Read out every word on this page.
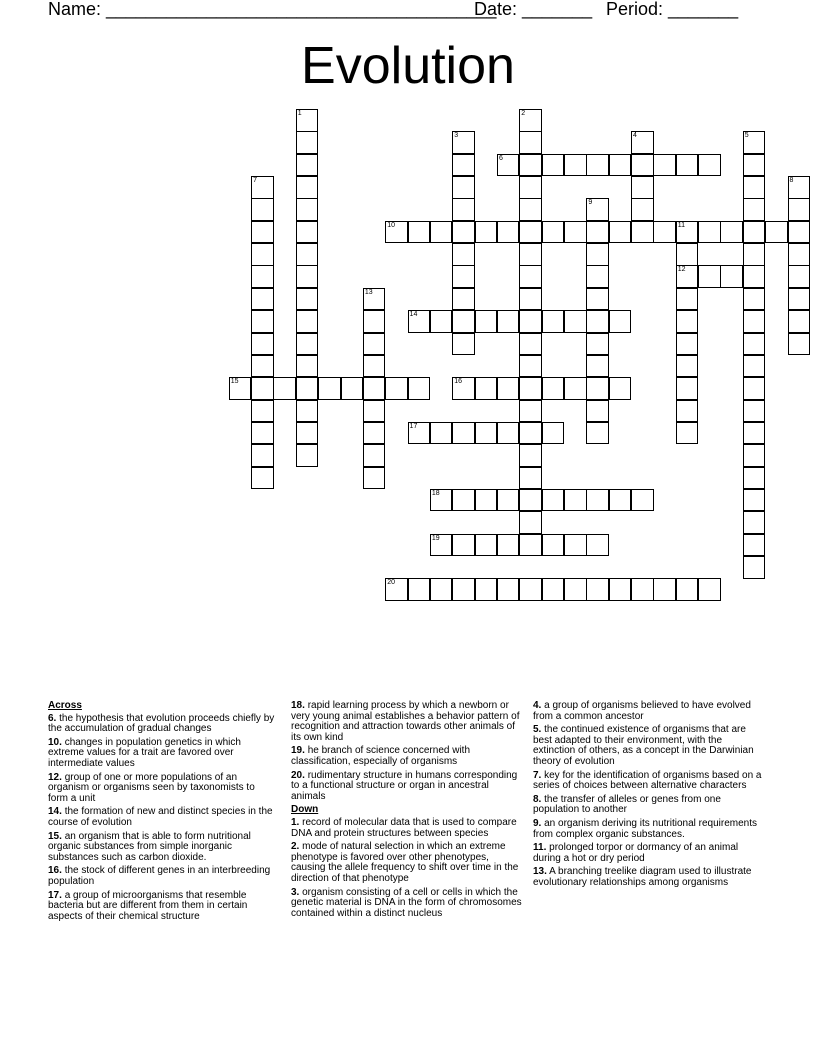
Name: _______________________________________
Date: _______ Period: _______
Evolution
1	2
3	4	5
6
7	8
9
10	11
12
13
14
15	16
17
18
19
20
Across
6. the hypothesis that evolution proceeds chiefly by the accumulation of gradual changes
10. changes in population genetics in which extreme values for a trait are favored over intermediate values
12. group of one or more populations of an organism or organisms seen by taxonomists to form a unit
14. the formation of new and distinct species in the course of evolution
15. an organism that is able to form nutritional organic substances from simple inorganic substances such as carbon dioxide.
16. the stock of different genes in an interbreeding population
17. a group of microorganisms that resemble bacteria but are different from them in certain aspects of their chemical structure
18. rapid learning process by which a newborn or very young animal establishes a behavior pattern of recognition and attraction towards other animals of its own kind
19. he branch of science concerned with classification, especially of organisms
20. rudimentary structure in humans corresponding to a functional structure or organ in ancestral animals
Down
1. record of molecular data that is used to compare DNA and protein structures between species
2. mode of natural selection in which an extreme phenotype is favored over other phenotypes, causing the allele frequency to shift over time in the direction of that phenotype
3. organism consisting of a cell or cells in which the genetic material is DNA in the form of chromosomes contained within a distinct nucleus
4. a group of organisms believed to have evolved from a common ancestor
5. the continued existence of organisms that are best adapted to their environment, with the extinction of others, as a concept in the Darwinian theory of evolution
7. key for the identification of organisms based on a series of choices between alternative characters
8. the transfer of alleles or genes from one population to another
9. an organism deriving its nutritional requirements from complex organic substances.
11. prolonged torpor or dormancy of an animal during a hot or dry period
13. A branching treelike diagram used to illustrate evolutionary relationships among organisms
